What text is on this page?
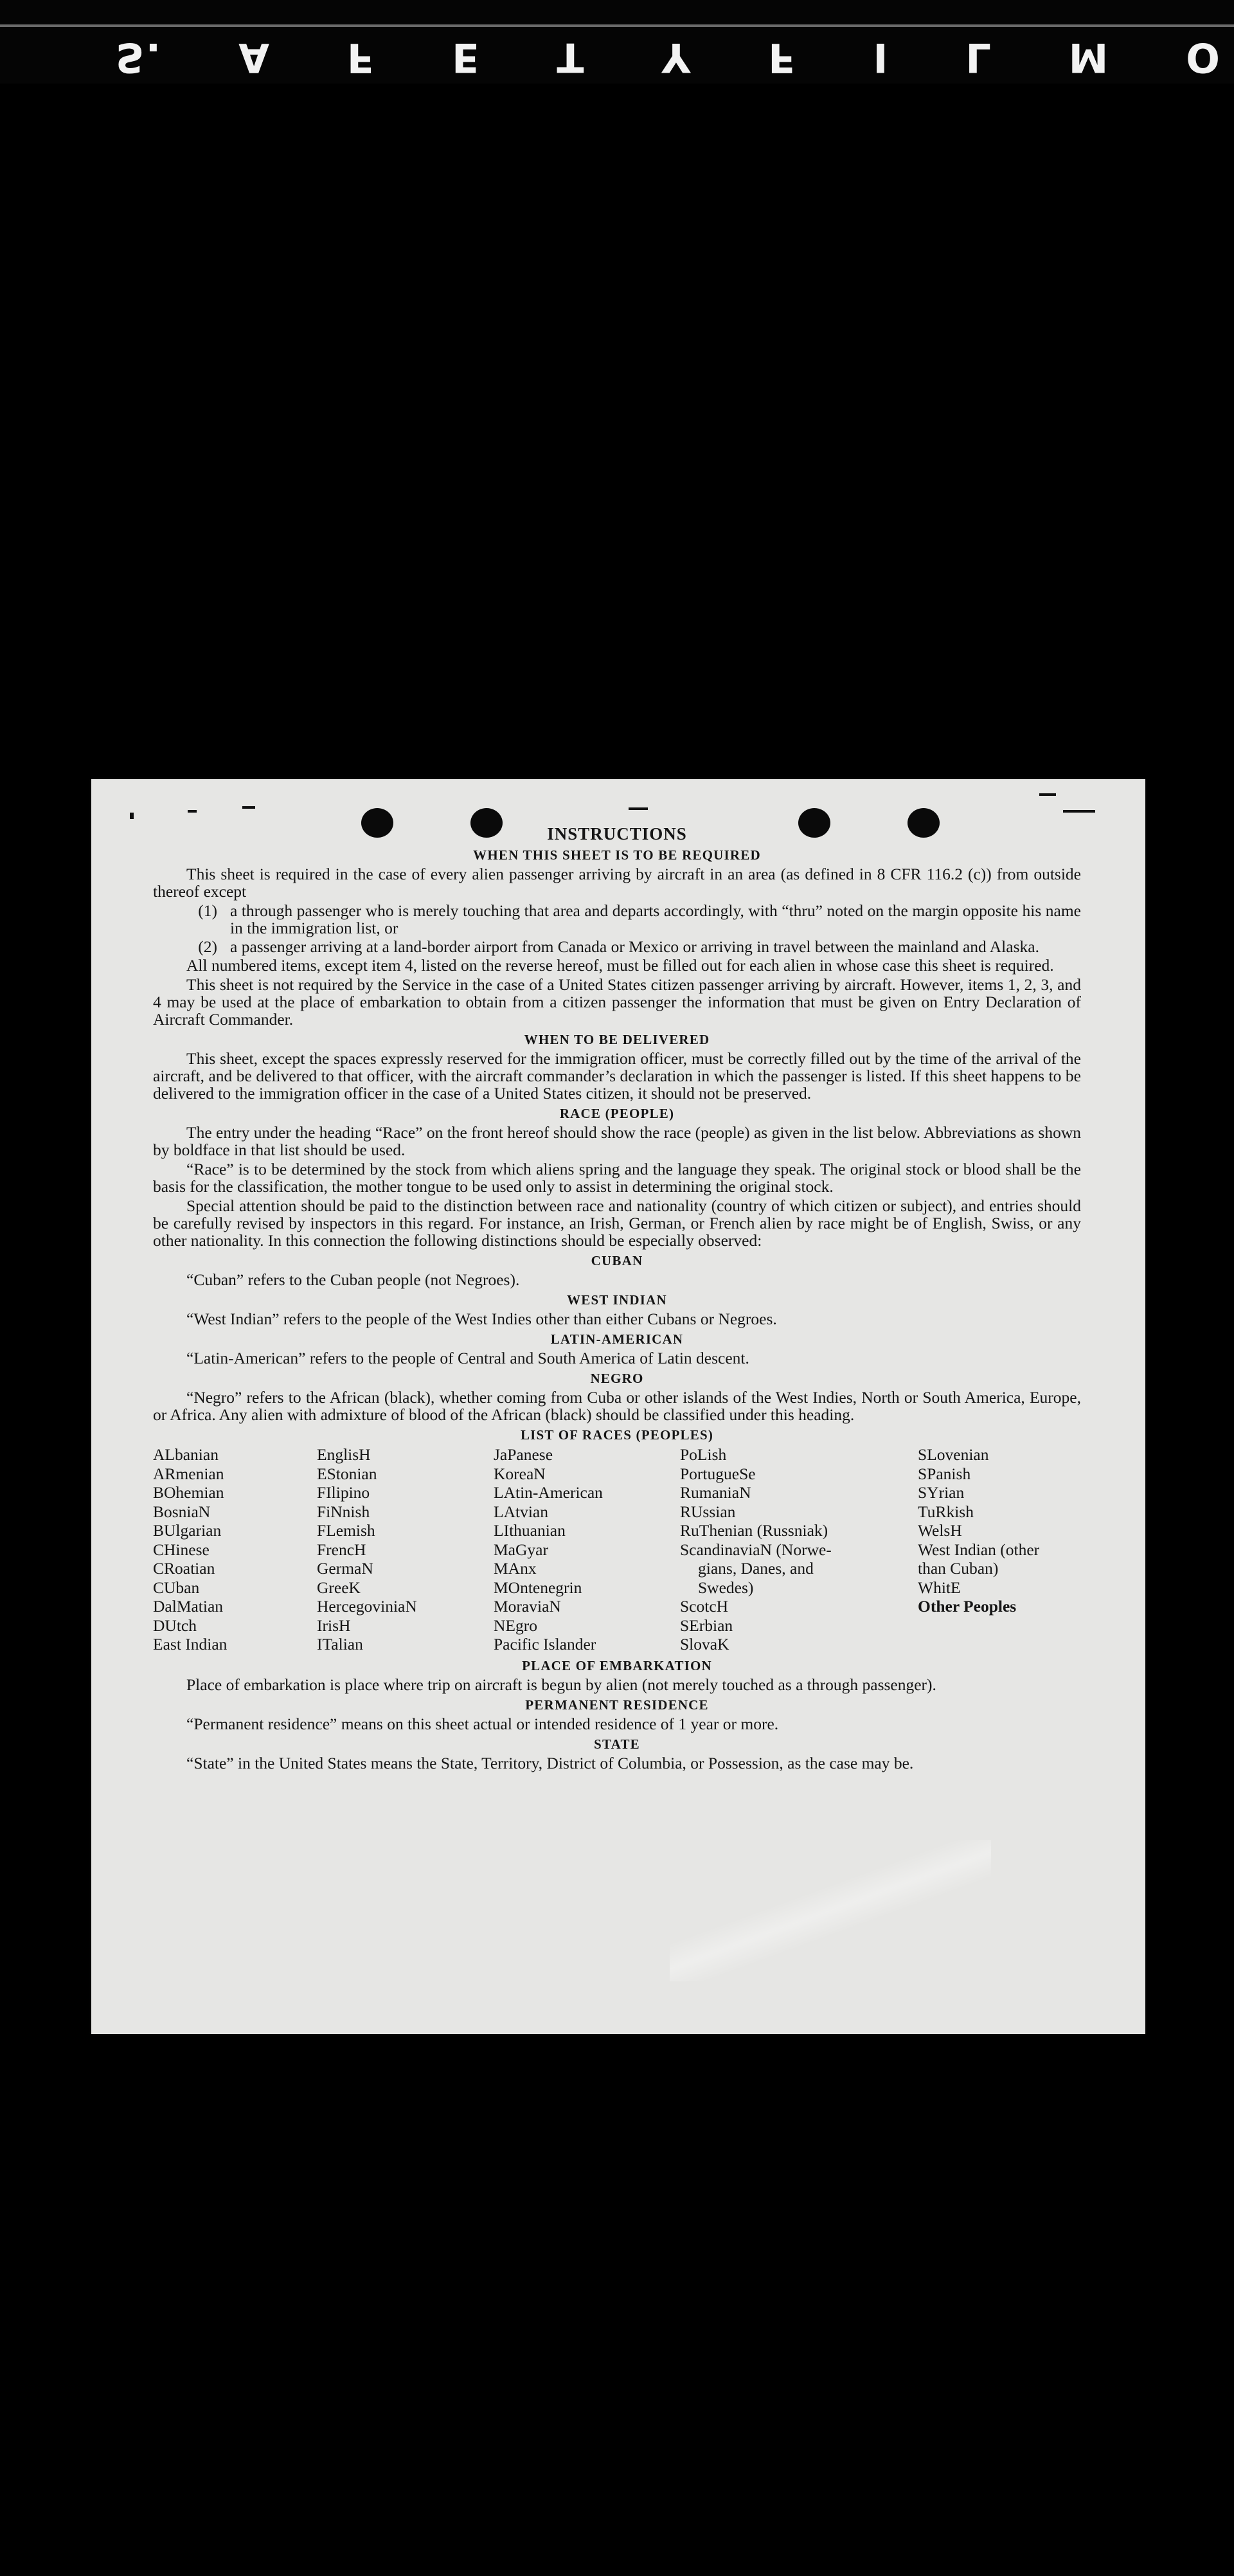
S. A F E T Y F I L M O
INSTRUCTIONS
WHEN THIS SHEET IS TO BE REQUIRED

This sheet is required in the case of every alien passenger arriving by aircraft in an area (as defined in 8 CFR 116.2 (c)) from outside thereof except

(1) a through passenger who is merely touching that area and departs accordingly, with “thru” noted on the margin opposite his name in the immigration list, or
(2) a passenger arriving at a land-border airport from Canada or Mexico or arriving in travel between the mainland and Alaska.

All numbered items, except item 4, listed on the reverse hereof, must be filled out for each alien in whose case this sheet is required.

This sheet is not required by the Service in the case of a United States citizen passenger arriving by aircraft. However, items 1, 2, 3, and 4 may be used at the place of embarkation to obtain from a citizen passenger the information that must be given on Entry Declaration of Aircraft Commander.

WHEN TO BE DELIVERED

This sheet, except the spaces expressly reserved for the immigration officer, must be correctly filled out by the time of the arrival of the aircraft, and be delivered to that officer, with the aircraft commander’s declaration in which the passenger is listed. If this sheet happens to be delivered to the immigration officer in the case of a United States citizen, it should not be preserved.

RACE (PEOPLE)

The entry under the heading “Race” on the front hereof should show the race (people) as given in the list below. Abbreviations as shown by boldface in that list should be used.

“Race” is to be determined by the stock from which aliens spring and the language they speak. The original stock or blood shall be the basis for the classification, the mother tongue to be used only to assist in determining the original stock.

Special attention should be paid to the distinction between race and nationality (country of which citizen or subject), and entries should be carefully revised by inspectors in this regard. For instance, an Irish, German, or French alien by race might be of English, Swiss, or any other nationality. In this connection the following distinctions should be especially observed:

CUBAN

“Cuban” refers to the Cuban people (not Negroes).

WEST INDIAN

“West Indian” refers to the people of the West Indies other than either Cubans or Negroes.

LATIN-AMERICAN

“Latin-American” refers to the people of Central and South America of Latin descent.

NEGRO

“Negro” refers to the African (black), whether coming from Cuba or other islands of the West Indies, North or South America, Europe, or Africa. Any alien with admixture of blood of the African (black) should be classified under this heading.

LIST OF RACES (PEOPLES)
ALbanian
ARmenian
BOhemian
BosniaN
BUlgarian
CHinese
CRoatian
CUban
DalMatian
DUtch
East Indian
EnglisH
EStonian
FIlipino
FiNnish
FLemish
FrencH
GermaN
GreeK
HercegoviniaN
IrisH
ITalian
JaPanese
KoreaN
LAtin-American
LAtvian
LIthuanian
MaGyar
MAnx
MOntenegrin
MoraviaN
NEgro
Pacific Islander
PoLish
PortugueSe
RumaniaN
RUssian
RuThenian (Russniak)
ScandinaviaN (Norwe-
gians, Danes, and
Swedes)
ScotcH
SErbian
SlovaK
SLovenian
SPanish
SYrian
TuRkish
WelsH
West Indian (other
than Cuban)
WhitE
Other Peoples
PLACE OF EMBARKATION

Place of embarkation is place where trip on aircraft is begun by alien (not merely touched as a through passenger).

PERMANENT RESIDENCE

“Permanent residence” means on this sheet actual or intended residence of 1 year or more.

STATE

“State” in the United States means the State, Territory, District of Columbia, or Possession, as the case may be.
